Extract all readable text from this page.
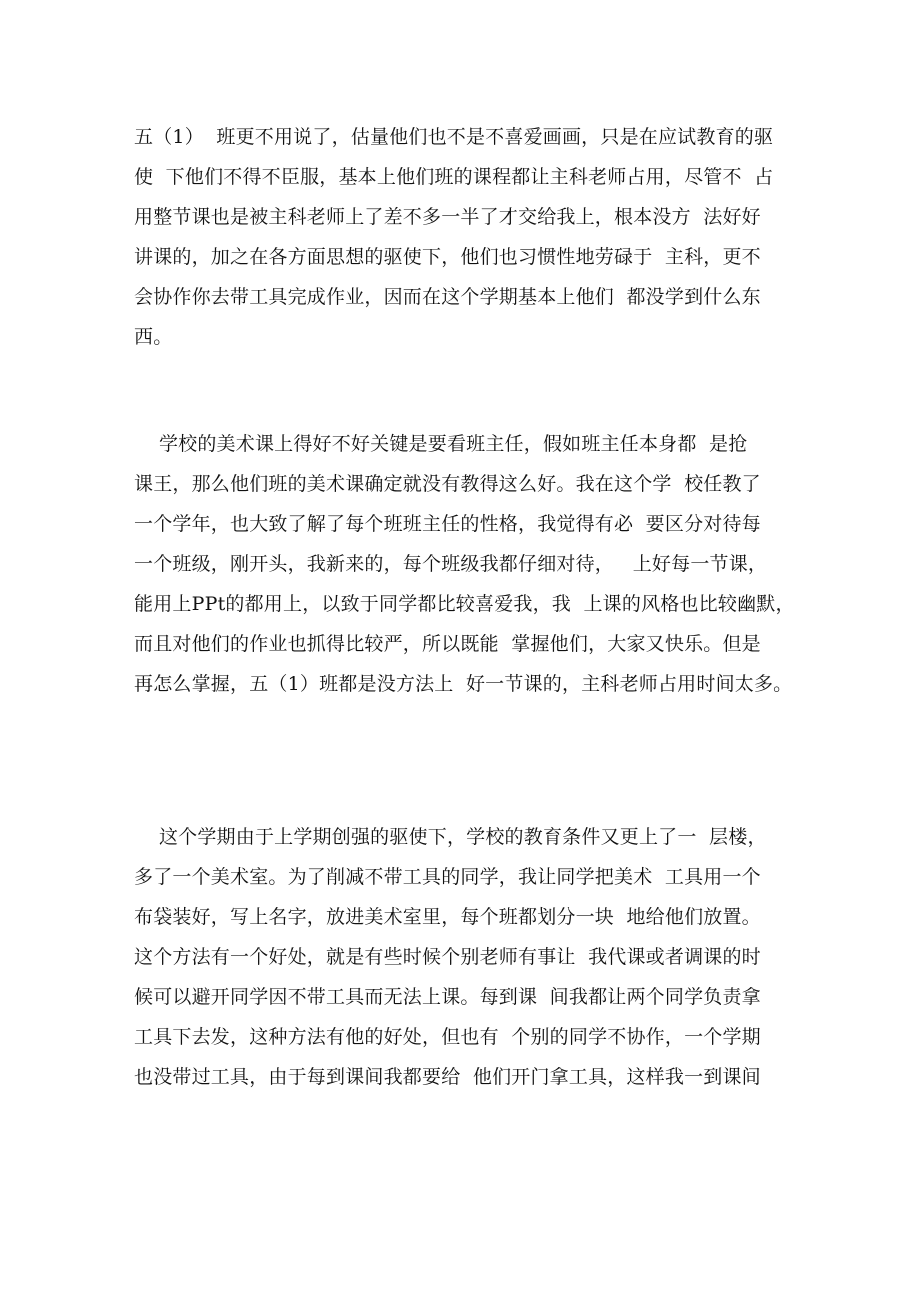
五（1）  班更不用说了，估量他们也不是不喜爱画画，只是在应试教育的驱
使  下他们不得不臣服，基本上他们班的课程都让主科老师占用，尽管不  占
用整节课也是被主科老师上了差不多一半了才交给我上，根本没方  法好好
讲课的，加之在各方面思想的驱使下，他们也习惯性地劳碌于  主科，更不
会协作你去带工具完成作业，因而在这个学期基本上他们  都没学到什么东
西。
学校的美术课上得好不好关键是要看班主任，假如班主任本身都  是抢
课王，那么他们班的美术课确定就没有教得这么好。我在这个学  校任教了
一个学年，也大致了解了每个班班主任的性格，我觉得有必  要区分对待每
一个班级，刚开头，我新来的，每个班级我都仔细对待，   上好每一节课，
能用上PPt的都用上，以致于同学都比较喜爱我，我  上课的风格也比较幽默，
而且对他们的作业也抓得比较严，所以既能  掌握他们，大家又快乐。但是
再怎么掌握，五（1）班都是没方法上  好一节课的，主科老师占用时间太多。
这个学期由于上学期创强的驱使下，学校的教育条件又更上了一  层楼，
多了一个美术室。为了削减不带工具的同学，我让同学把美术  工具用一个
布袋装好，写上名字，放进美术室里，每个班都划分一块  地给他们放置。
这个方法有一个好处，就是有些时候个别老师有事让  我代课或者调课的时
候可以避开同学因不带工具而无法上课。每到课  间我都让两个同学负责拿
工具下去发，这种方法有他的好处，但也有  个别的同学不协作，一个学期
也没带过工具，由于每到课间我都要给  他们开门拿工具，这样我一到课间
